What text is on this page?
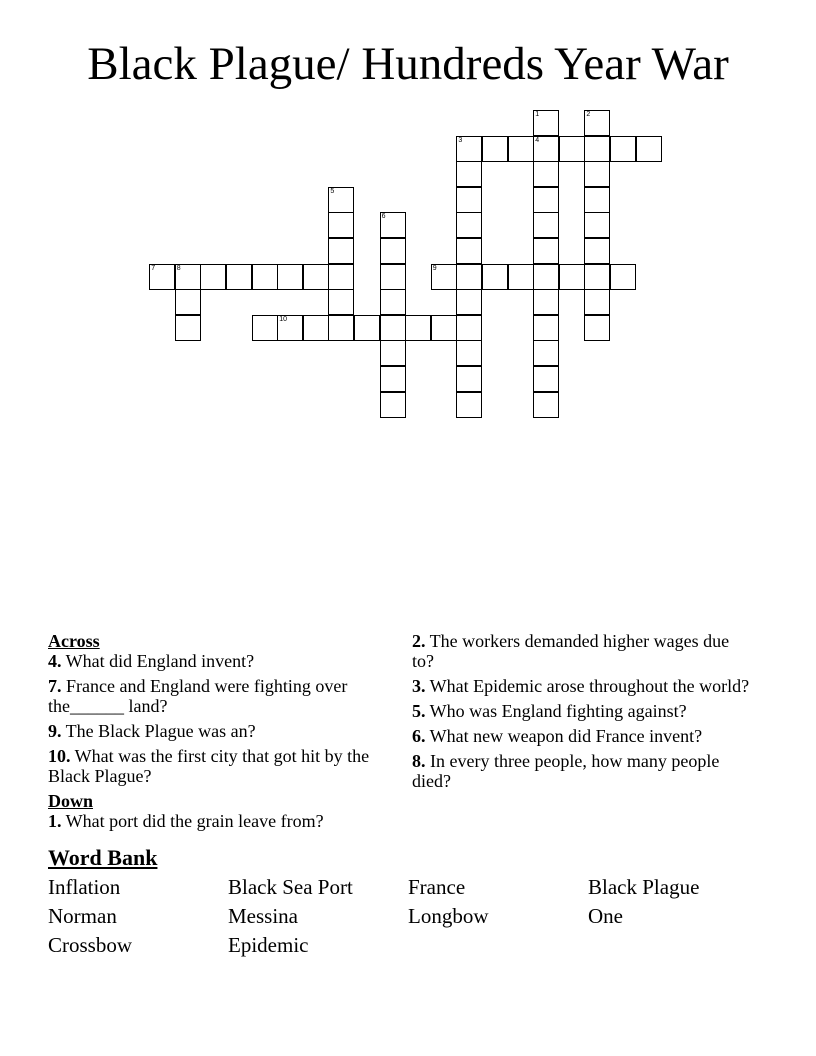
Black Plague/ Hundreds Year War
1	2
3	4
5
6
7	8	9
10
Across
4. What did England invent?
7. France and England were fighting over the______ land?
9. The Black Plague was an?
10. What was the first city that got hit by the Black Plague?
Down
1. What port did the grain leave from?
2. The workers demanded higher wages due to?
3. What Epidemic arose throughout the world?
5. Who was England fighting against?
6. What new weapon did France invent?
8. In every three people, how many people died?
Word Bank
Inflation	Black Sea Port	France	Black Plague
Norman	Messina	Longbow	One
Crossbow	Epidemic
